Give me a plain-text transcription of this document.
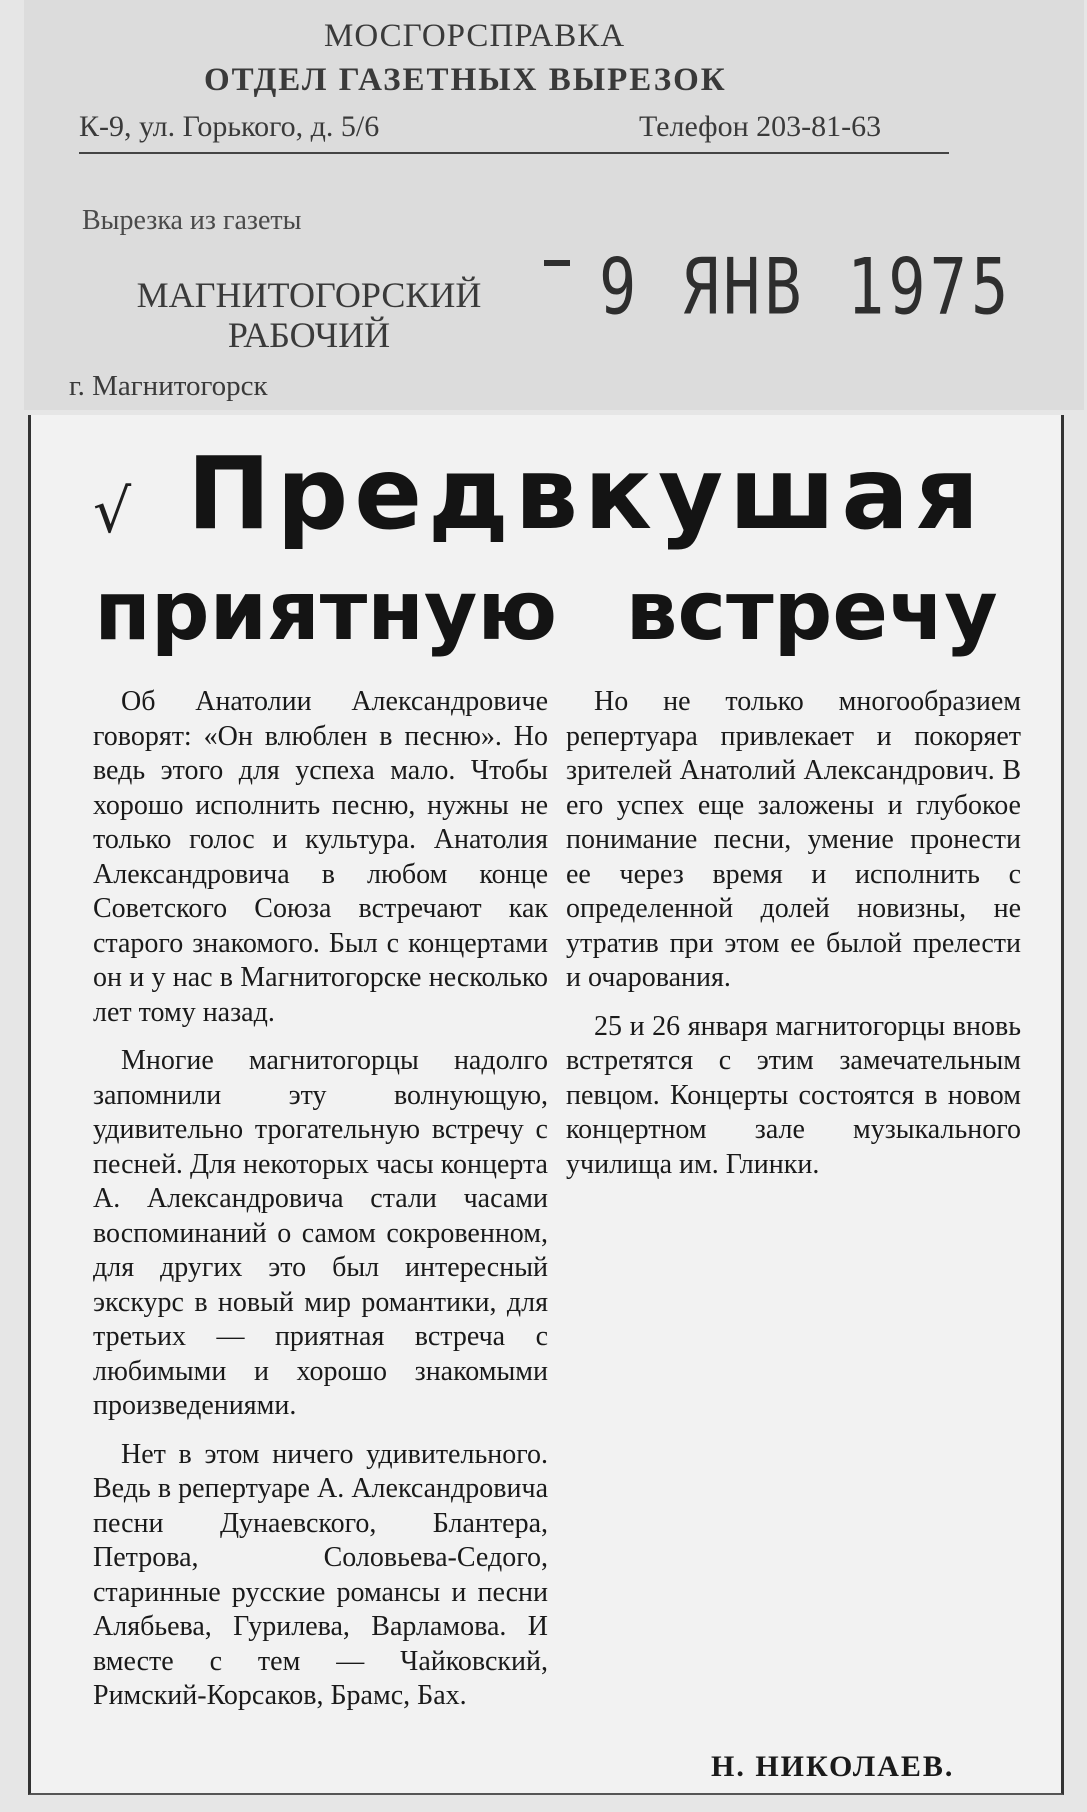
МОСГОРСПРАВКА
ОТДЕЛ ГАЗЕТНЫХ ВЫРЕЗОК
К-9, ул. Горького, д. 5/6	Телефон 203-81-63
Вырезка из газеты
МАГНИТОГОРСКИЙ РАБОЧИЙ
г. Магнитогорск
9 ЯНВ 1975
√ Предвкушая
приятную встречу

Об Анатолии Александровиче говорят: «Он влюблен в песню». Но ведь этого для успеха мало. Чтобы хорошо исполнить песню, нужны не только голос и культура. Анатолия Александровича в любом конце Советского Союза встречают как старого знакомого. Был с концертами он и у нас в Магнитогорске несколько лет тому назад.

Многие магнитогорцы надолго запомнили эту волнующую, удивительно трогательную встречу с песней. Для некоторых часы концерта А. Александровича стали часами воспоминаний о самом сокровенном, для других это был интересный экскурс в новый мир романтики, для третьих — приятная встреча с любимыми и хорошо знакомыми произведениями.

Нет в этом ничего удивительного. Ведь в репертуаре А. Александровича песни Дунаевского, Блантера, Петрова, Соловьева-Седого, старинные русские романсы и песни Алябьева, Гурилева, Варламова. И вместе с тем — Чайковский, Римский-Корсаков, Брамс, Бах.

Но не только многообразием репертуара привлекает и покоряет зрителей Анатолий Александрович. В его успех еще заложены и глубокое понимание песни, умение пронести ее через время и исполнить с определенной долей новизны, не утратив при этом ее былой прелести и очарования.

25 и 26 января магнитогорцы вновь встретятся с этим замечательным певцом. Концерты состоятся в новом концертном зале музыкального училища им. Глинки.

Н. НИКОЛАЕВ.
